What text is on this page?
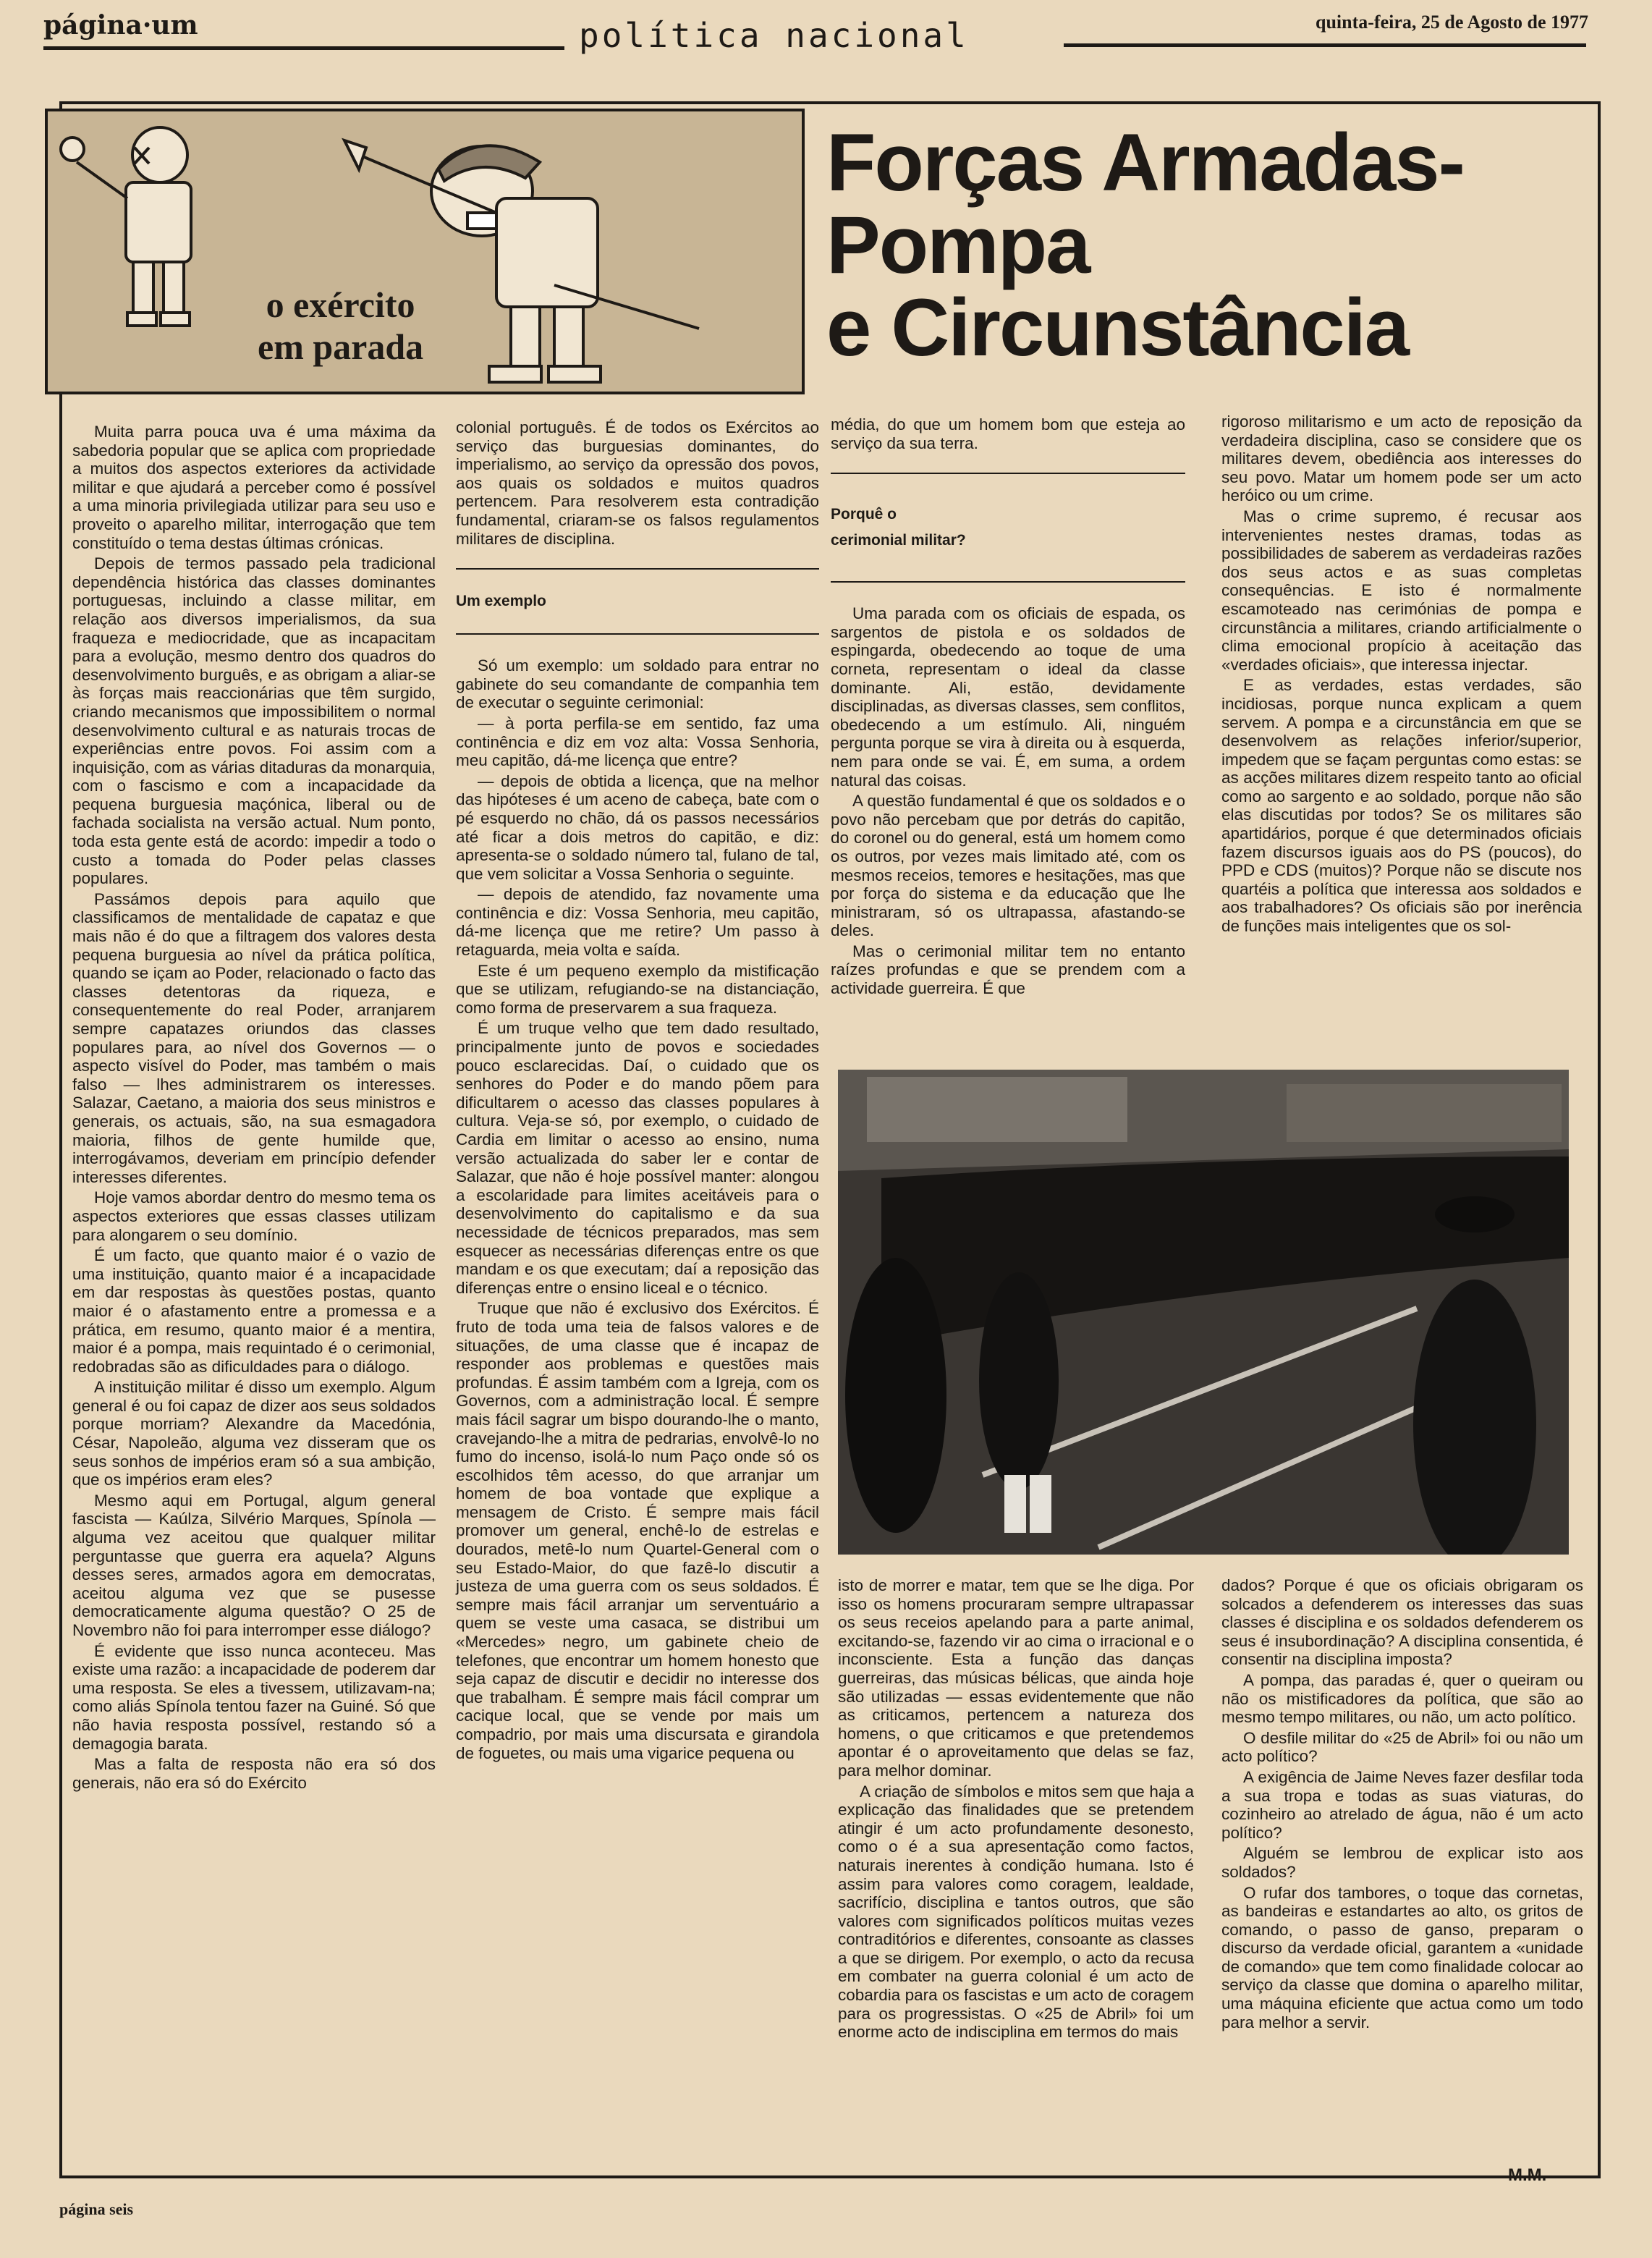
página·um	política nacional	quinta-feira, 25 de Agosto de 1977
o exército
em parada
Forças Armadas-
Pompa
e Circunstância

Muita parra pouca uva é uma máxima da sabedoria popular que se aplica com propriedade a muitos dos aspectos exteriores da actividade militar e que ajudará a perceber como é possível a uma minoria privilegiada utilizar para seu uso e proveito o aparelho militar, interrogação que tem constituído o tema destas últimas crónicas.

Depois de termos passado pela tradicional dependência histórica das classes dominantes portuguesas, incluindo a classe militar, em relação aos diversos imperialismos, da sua fraqueza e mediocridade, que as incapacitam para a evolução, mesmo dentro dos quadros do desenvolvimento burguês, e as obrigam a aliar-se às forças mais reaccionárias que têm surgido, criando mecanismos que impossibilitem o normal desenvolvimento cultural e as naturais trocas de experiências entre povos. Foi assim com a inquisição, com as várias ditaduras da monarquia, com o fascismo e com a incapacidade da pequena burguesia maçónica, liberal ou de fachada socialista na versão actual. Num ponto, toda esta gente está de acordo: impedir a todo o custo a tomada do Poder pelas classes populares.

Passámos depois para aquilo que classificamos de mentalidade de capataz e que mais não é do que a filtragem dos valores desta pequena burguesia ao nível da prática política, quando se içam ao Poder, relacionado o facto das classes detentoras da riqueza, e consequentemente do real Poder, arranjarem sempre capatazes oriundos das classes populares para, ao nível dos Governos — o aspecto visível do Poder, mas também o mais falso — lhes administrarem os interesses. Salazar, Caetano, a maioria dos seus ministros e generais, os actuais, são, na sua esmagadora maioria, filhos de gente humilde que, interrogávamos, deveriam em princípio defender interesses diferentes.

Hoje vamos abordar dentro do mesmo tema os aspectos exteriores que essas classes utilizam para alongarem o seu domínio.

É um facto, que quanto maior é o vazio de uma instituição, quanto maior é a incapacidade em dar respostas às questões postas, quanto maior é o afastamento entre a promessa e a prática, em resumo, quanto maior é a mentira, maior é a pompa, mais requintado é o cerimonial, redobradas são as dificuldades para o diálogo.

A instituição militar é disso um exemplo. Algum general é ou foi capaz de dizer aos seus soldados porque morriam? Alexandre da Macedónia, César, Napoleão, alguma vez disseram que os seus sonhos de impérios eram só a sua ambição, que os impérios eram eles?

Mesmo aqui em Portugal, algum general fascista — Kaúlza, Silvério Marques, Spínola — alguma vez aceitou que qualquer militar perguntasse que guerra era aquela? Alguns desses seres, armados agora em democratas, aceitou alguma vez que se pusesse democraticamente alguma questão? O 25 de Novembro não foi para interromper esse diálogo?

É evidente que isso nunca aconteceu. Mas existe uma razão: a incapacidade de poderem dar uma resposta. Se eles a tivessem, utilizavam-na; como aliás Spínola tentou fazer na Guiné. Só que não havia resposta possível, restando só a demagogia barata.

Mas a falta de resposta não era só dos generais, não era só do Exército

colonial português. É de todos os Exércitos ao serviço das burguesias dominantes, do imperialismo, ao serviço da opressão dos povos, aos quais os soldados e muitos quadros pertencem. Para resolverem esta contradição fundamental, criaram-se os falsos regulamentos militares de disciplina.

Um exemplo

Só um exemplo: um soldado para entrar no gabinete do seu comandante de companhia tem de executar o seguinte cerimonial:

— à porta perfila-se em sentido, faz uma continência e diz em voz alta: Vossa Senhoria, meu capitão, dá-me licença que entre?

— depois de obtida a licença, que na melhor das hipóteses é um aceno de cabeça, bate com o pé esquerdo no chão, dá os passos necessários até ficar a dois metros do capitão, e diz: apresenta-se o soldado número tal, fulano de tal, que vem solicitar a Vossa Senhoria o seguinte.

— depois de atendido, faz novamente uma continência e diz: Vossa Senhoria, meu capitão, dá-me licença que me retire? Um passo à retaguarda, meia volta e saída.

Este é um pequeno exemplo da mistificação que se utilizam, refugiando-se na distanciação, como forma de preservarem a sua fraqueza.

É um truque velho que tem dado resultado, principalmente junto de povos e sociedades pouco esclarecidas. Daí, o cuidado que os senhores do Poder e do mando põem para dificultarem o acesso das classes populares à cultura. Veja-se só, por exemplo, o cuidado de Cardia em limitar o acesso ao ensino, numa versão actualizada do saber ler e contar de Salazar, que não é hoje possível manter: alongou a escolaridade para limites aceitáveis para o desenvolvimento do capitalismo e da sua necessidade de técnicos preparados, mas sem esquecer as necessárias diferenças entre os que mandam e os que executam; daí a reposição das diferenças entre o ensino liceal e o técnico.

Truque que não é exclusivo dos Exércitos. É fruto de toda uma teia de falsos valores e de situações, de uma classe que é incapaz de responder aos problemas e questões mais profundas. É assim também com a Igreja, com os Governos, com a administração local. É sempre mais fácil sagrar um bispo dourando-lhe o manto, cravejando-lhe a mitra de pedrarias, envolvê-lo no fumo do incenso, isolá-lo num Paço onde só os escolhidos têm acesso, do que arranjar um homem de boa vontade que explique a mensagem de Cristo. É sempre mais fácil promover um general, enchê-lo de estrelas e dourados, metê-lo num Quartel-General com o seu Estado-Maior, do que fazê-lo discutir a justeza de uma guerra com os seus soldados. É sempre mais fácil arranjar um serventuário a quem se veste uma casaca, se distribui um «Mercedes» negro, um gabinete cheio de telefones, que encontrar um homem honesto que seja capaz de discutir e decidir no interesse dos que trabalham. É sempre mais fácil comprar um cacique local, que se vende por mais um compadrio, por mais uma discursata e girandola de foguetes, ou mais uma vigarice pequena ou

média, do que um homem bom que esteja ao serviço da sua terra.

Porquê o
cerimonial militar?

Uma parada com os oficiais de espada, os sargentos de pistola e os soldados de espingarda, obedecendo ao toque de uma corneta, representam o ideal da classe dominante. Ali, estão, devidamente disciplinadas, as diversas classes, sem conflitos, obedecendo a um estímulo. Ali, ninguém pergunta porque se vira à direita ou à esquerda, nem para onde se vai. É, em suma, a ordem natural das coisas.

A questão fundamental é que os soldados e o povo não percebam que por detrás do capitão, do coronel ou do general, está um homem como os outros, por vezes mais limitado até, com os mesmos receios, temores e hesitações, mas que por força do sistema e da educação que lhe ministraram, só os ultrapassa, afastando-se deles.

Mas o cerimonial militar tem no entanto raízes profundas e que se prendem com a actividade guerreira. É que

rigoroso militarismo e um acto de reposição da verdadeira disciplina, caso se considere que os militares devem, obediência aos interesses do seu povo. Matar um homem pode ser um acto heróico ou um crime.

Mas o crime supremo, é recusar aos intervenientes nestes dramas, todas as possibilidades de saberem as verdadeiras razões dos seus actos e as suas completas consequências. E isto é normalmente escamoteado nas cerimónias de pompa e circunstância a militares, criando artificialmente o clima emocional propício à aceitação das «verdades oficiais», que interessa injectar.

E as verdades, estas verdades, são incidiosas, porque nunca explicam a quem servem. A pompa e a circunstância em que se desenvolvem as relações inferior/superior, impedem que se façam perguntas como estas: se as acções militares dizem respeito tanto ao oficial como ao sargento e ao soldado, porque não são elas discutidas por todos? Se os militares são apartidários, porque é que determinados oficiais fazem discursos iguais aos do PS (poucos), do PPD e CDS (muitos)? Porque não se discute nos quartéis a política que interessa aos soldados e aos trabalhadores? Os oficiais são por inerência de funções mais inteligentes que os sol-

isto de morrer e matar, tem que se lhe diga. Por isso os homens procuraram sempre ultrapassar os seus receios apelando para a parte animal, excitando-se, fazendo vir ao cima o irracional e o inconsciente. Esta a função das danças guerreiras, das músicas bélicas, que ainda hoje são utilizadas — essas evidentemente que não as criticamos, pertencem a natureza dos homens, o que criticamos e que pretendemos apontar é o aproveitamento que delas se faz, para melhor dominar.

A criação de símbolos e mitos sem que haja a explicação das finalidades que se pretendem atingir é um acto profundamente desonesto, como o é a sua apresentação como factos, naturais inerentes à condição humana. Isto é assim para valores como coragem, lealdade, sacrifício, disciplina e tantos outros, que são valores com significados políticos muitas vezes contraditórios e diferentes, consoante as classes a que se dirigem. Por exemplo, o acto da recusa em combater na guerra colonial é um acto de cobardia para os fascistas e um acto de coragem para os progressistas. O «25 de Abril» foi um enorme acto de indisciplina em termos do mais

dados? Porque é que os oficiais obrigaram os solcados a defenderem os interesses das suas classes é disciplina e os soldados defenderem os seus é insubordinação? A disciplina consentida, é consentir na disciplina imposta?

A pompa, das paradas é, quer o queiram ou não os mistificadores da política, que são ao mesmo tempo militares, ou não, um acto político.

O desfile militar do «25 de Abril» foi ou não um acto político?

A exigência de Jaime Neves fazer desfilar toda a sua tropa e todas as suas viaturas, do cozinheiro ao atrelado de água, não é um acto político?

Alguém se lembrou de explicar isto aos soldados?

O rufar dos tambores, o toque das cornetas, as bandeiras e estandartes ao alto, os gritos de comando, o passo de ganso, preparam o discurso da verdade oficial, garantem a «unidade de comando» que tem como finalidade colocar ao serviço da classe que domina o aparelho militar, uma máquina eficiente que actua como um todo para melhor a servir.

M.M.
página seis
